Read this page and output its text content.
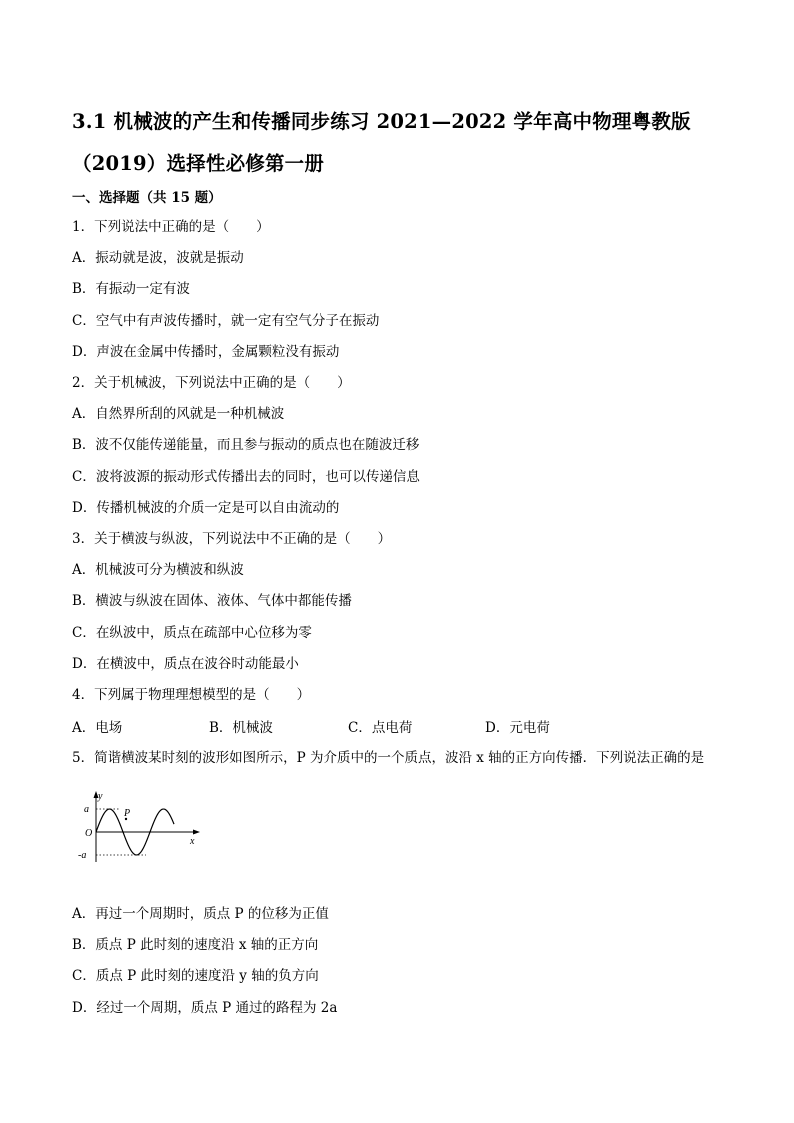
3.1 机械波的产生和传播同步练习 2021—2022 学年高中物理粤教版
（2019）选择性必修第一册
一、选择题（共 15 题）
1．下列说法中正确的是（　　）
A．振动就是波，波就是振动
B．有振动一定有波
C．空气中有声波传播时，就一定有空气分子在振动
D．声波在金属中传播时，金属颗粒没有振动
2．关于机械波，下列说法中正确的是（　　）
A．自然界所刮的风就是一种机械波
B．波不仅能传递能量，而且参与振动的质点也在随波迁移
C．波将波源的振动形式传播出去的同时，也可以传递信息
D．传播机械波的介质一定是可以自由流动的
3．关于横波与纵波，下列说法中不正确的是（　　）
A．机械波可分为横波和纵波
B．横波与纵波在固体、液体、气体中都能传播
C．在纵波中，质点在疏部中心位移为零
D．在横波中，质点在波谷时动能最小
4．下列属于物理理想模型的是（　　）
A．电场	B．机械波	C．点电荷	D．元电荷
5．简谐横波某时刻的波形如图所示，P 为介质中的一个质点，波沿 x 轴的正方向传播．下列说法正确的是
y
x
a
-a
O
P
A．再过一个周期时，质点 P 的位移为正值
B．质点 P 此时刻的速度沿 x 轴的正方向
C．质点 P 此时刻的速度沿 y 轴的负方向
D．经过一个周期，质点 P 通过的路程为 2a
